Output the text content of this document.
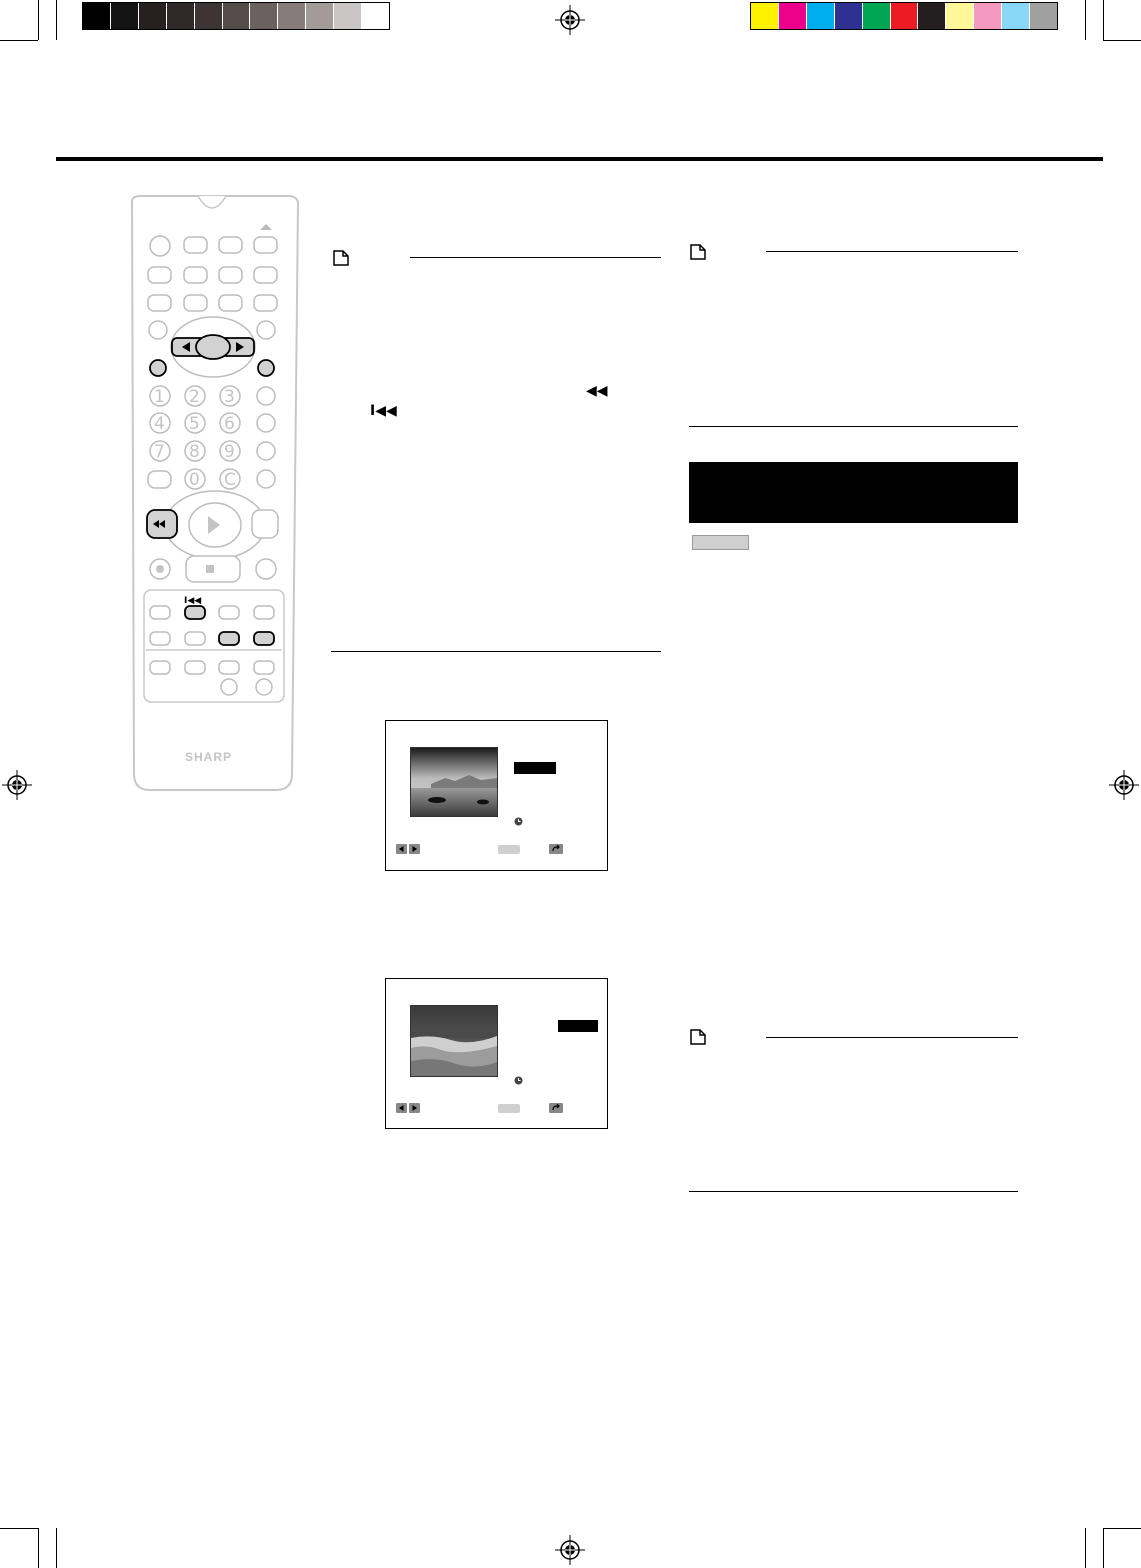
1 2 3
4 5 6
7 8 9
0 C
SHARP
I◀◀
◀◀
I◀◀
